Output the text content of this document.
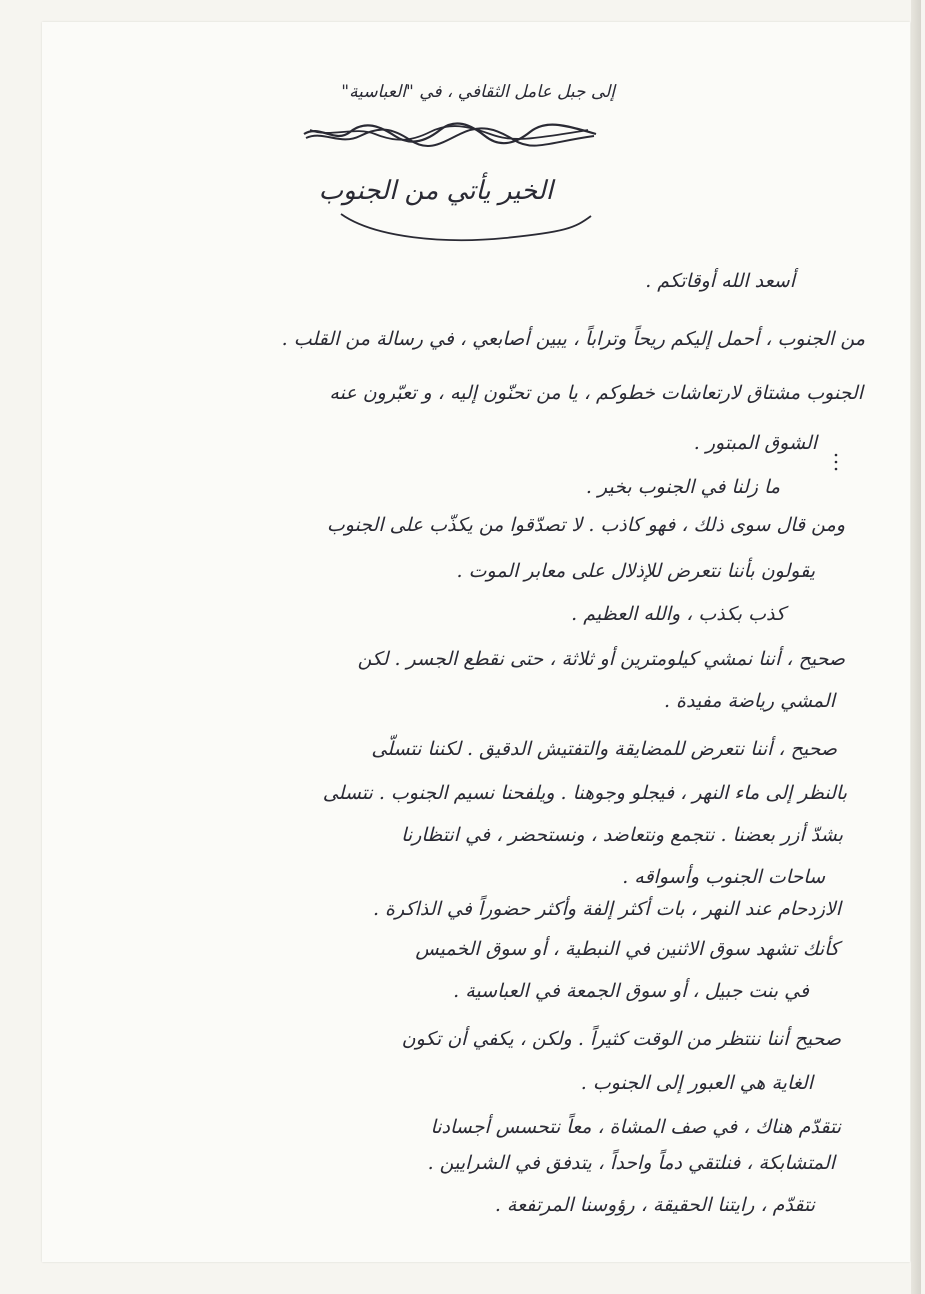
إلى جبل عامل الثقافي ، في "العباسية"
الخير يأتي من الجنوب
أسعد الله أوقاتكم .
من الجنوب ، أحمل إليكم ريحاً وتراباً ، يبين أصابعي ، في رسالة من القلب .
الجنوب مشتاق لارتعاشات خطوكم ، يا من تحنّون إليه ، و تعبّرون عنه
الشوق المبتور .
ما زلنا في الجنوب بخير .
ومن قال سوى ذلك ، فهو كاذب . لا تصدّقوا من يكذّب على الجنوب
يقولون بأننا نتعرض للإذلال على معابر الموت .
كذب بكذب ، والله العظيم .
صحيح ، أننا نمشي كيلومترين أو ثلاثة ، حتى نقطع الجسر . لكن
المشي رياضة مفيدة .
صحيح ، أننا نتعرض للمضايقة والتفتيش الدقيق . لكننا نتسلّى
بالنظر إلى ماء النهر ، فيجلو وجوهنا . ويلفحنا نسيم الجنوب . نتسلى
بشدّ أزر بعضنا . نتجمع ونتعاضد ، ونستحضر ، في انتظارنا
ساحات الجنوب وأسواقه .
الازدحام عند النهر ، بات أكثر إلفة وأكثر حضوراً في الذاكرة .
كأنك تشهد سوق الاثنين في النبطية ، أو سوق الخميس
في بنت جبيل ، أو سوق الجمعة في العباسية .
صحيح أننا ننتظر من الوقت كثيراً . ولكن ، يكفي أن تكون
الغاية هي العبور إلى الجنوب .
نتقدّم هناك ، في صف المشاة ، معاً نتحسس أجسادنا
المتشابكة ، فنلتقي دماً واحداً ، يتدفق في الشرايين .
نتقدّم ، رايتنا الحقيقة ، رؤوسنا المرتفعة .
